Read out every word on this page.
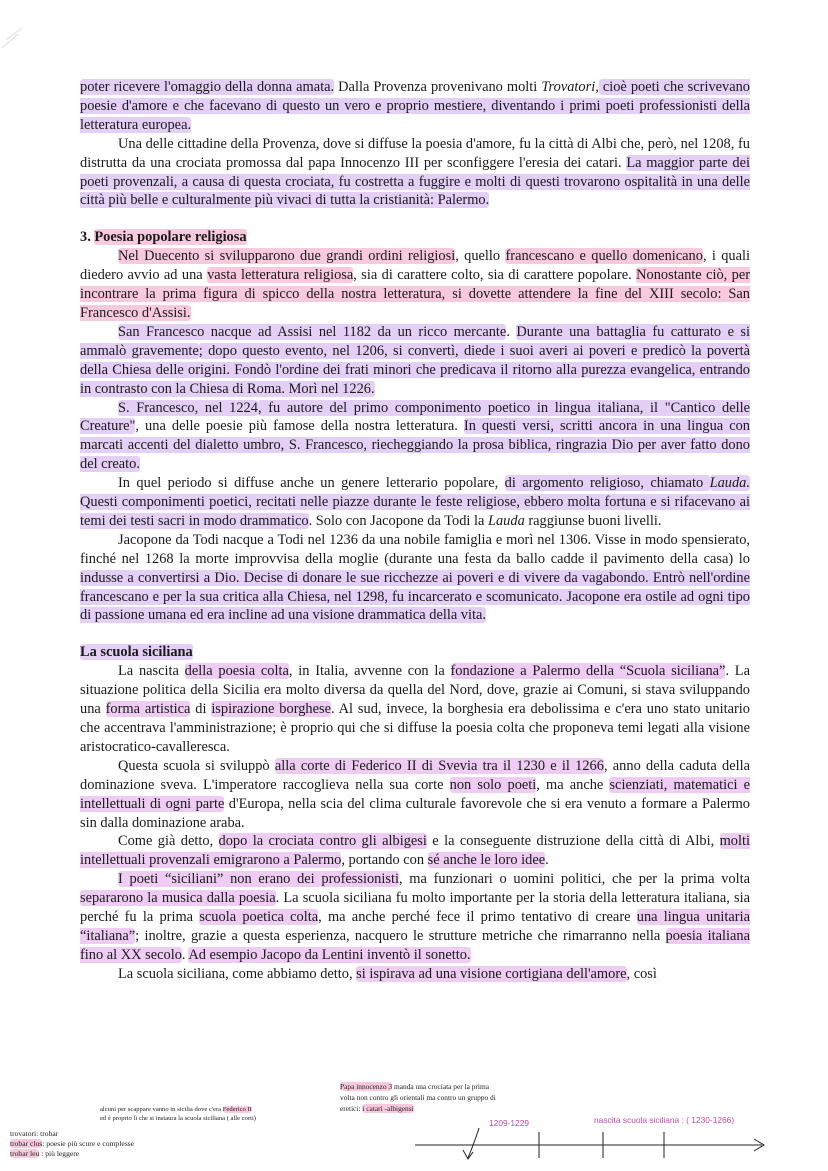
poter ricevere l'omaggio della donna amata. Dalla Provenza provenivano molti Trovatori, cioè poeti che scrivevano poesie d'amore e che facevano di questo un vero e proprio mestiere, diventando i primi poeti professionisti della letteratura europea.

Una delle cittadine della Provenza, dove si diffuse la poesia d'amore, fu la città di Albi che, però, nel 1208, fu distrutta da una crociata promossa dal papa Innocenzo III per sconfiggere l'eresia dei catari. La maggior parte dei poeti provenzali, a causa di questa crociata, fu costretta a fuggire e molti di questi trovarono ospitalità in una delle città più belle e culturalmente più vivaci di tutta la cristianità: Palermo.

3. Poesia popolare religiosa

Nel Duecento si svilupparono due grandi ordini religiosi, quello francescano e quello domenicano, i quali diedero avvio ad una vasta letteratura religiosa, sia di carattere colto, sia di carattere popolare. Nonostante ciò, per incontrare la prima figura di spicco della nostra letteratura, si dovette attendere la fine del XIII secolo: San Francesco d'Assisi.

San Francesco nacque ad Assisi nel 1182 da un ricco mercante. Durante una battaglia fu catturato e si ammalò gravemente; dopo questo evento, nel 1206, si convertì, diede i suoi averi ai poveri e predicò la povertà della Chiesa delle origini. Fondò l'ordine dei frati minori che predicava il ritorno alla purezza evangelica, entrando in contrasto con la Chiesa di Roma. Morì nel 1226.

S. Francesco, nel 1224, fu autore del primo componimento poetico in lingua italiana, il "Cantico delle Creature", una delle poesie più famose della nostra letteratura. In questi versi, scritti ancora in una lingua con marcati accenti del dialetto umbro, S. Francesco, riecheggiando la prosa biblica, ringrazia Dio per aver fatto dono del creato.

In quel periodo si diffuse anche un genere letterario popolare, di argomento religioso, chiamato Lauda. Questi componimenti poetici, recitati nelle piazze durante le feste religiose, ebbero molta fortuna e si rifacevano ai temi dei testi sacri in modo drammatico. Solo con Jacopone da Todi la Lauda raggiunse buoni livelli.

Jacopone da Todi nacque a Todi nel 1236 da una nobile famiglia e morì nel 1306. Visse in modo spensierato, finché nel 1268 la morte improvvisa della moglie (durante una festa da ballo cadde il pavimento della casa) lo indusse a convertirsi a Dio. Decise di donare le sue ricchezze ai poveri e di vivere da vagabondo. Entrò nell'ordine francescano e per la sua critica alla Chiesa, nel 1298, fu incarcerato e scomunicato. Jacopone era ostile ad ogni tipo di passione umana ed era incline ad una visione drammatica della vita.

La scuola siciliana

La nascita della poesia colta, in Italia, avvenne con la fondazione a Palermo della “Scuola siciliana”. La situazione politica della Sicilia era molto diversa da quella del Nord, dove, grazie ai Comuni, si stava sviluppando una forma artistica di ispirazione borghese. Al sud, invece, la borghesia era debolissima e c'era uno stato unitario che accentrava l'amministrazione; è proprio qui che si diffuse la poesia colta che proponeva temi legati alla visione aristocratico-cavalleresca.

Questa scuola si sviluppò alla corte di Federico II di Svevia tra il 1230 e il 1266, anno della caduta della dominazione sveva. L'imperatore raccoglieva nella sua corte non solo poeti, ma anche scienziati, matematici e intellettuali di ogni parte d'Europa, nella scia del clima culturale favorevole che si era venuto a formare a Palermo sin dalla dominazione araba.

Come già detto, dopo la crociata contro gli albigesi e la conseguente distruzione della città di Albi, molti intellettuali provenzali emigrarono a Palermo, portando con sé anche le loro idee.

I poeti “siciliani” non erano dei professionisti, ma funzionari o uomini politici, che per la prima volta separarono la musica dalla poesia. La scuola siciliana fu molto importante per la storia della letteratura italiana, sia perché fu la prima scuola poetica colta, ma anche perché fece il primo tentativo di creare una lingua unitaria “italiana”; inoltre, grazie a questa esperienza, nacquero le strutture metriche che rimarranno nella poesia italiana fino al XX secolo. Ad esempio Jacopo da Lentini inventò il sonetto.

La scuola siciliana, come abbiamo detto, si ispirava ad una visione cortigiana dell'amore, così

trovatori: trobar
trobar clus: poesie più scure e complesse
trobar leu : più leggere
alcuni per scappare vanno in sicilia dove c'era Federico II
ed è proprio lì che si instaura la scuola siciliana ( alle corti)
Papa innocenzo 3 manda una crociata per la prima
volta non contro gli orientali ma contro un gruppo di
eretici: i catari -albigensi
1209-1229	nascita scuola siciliana : ( 1230-1266)
